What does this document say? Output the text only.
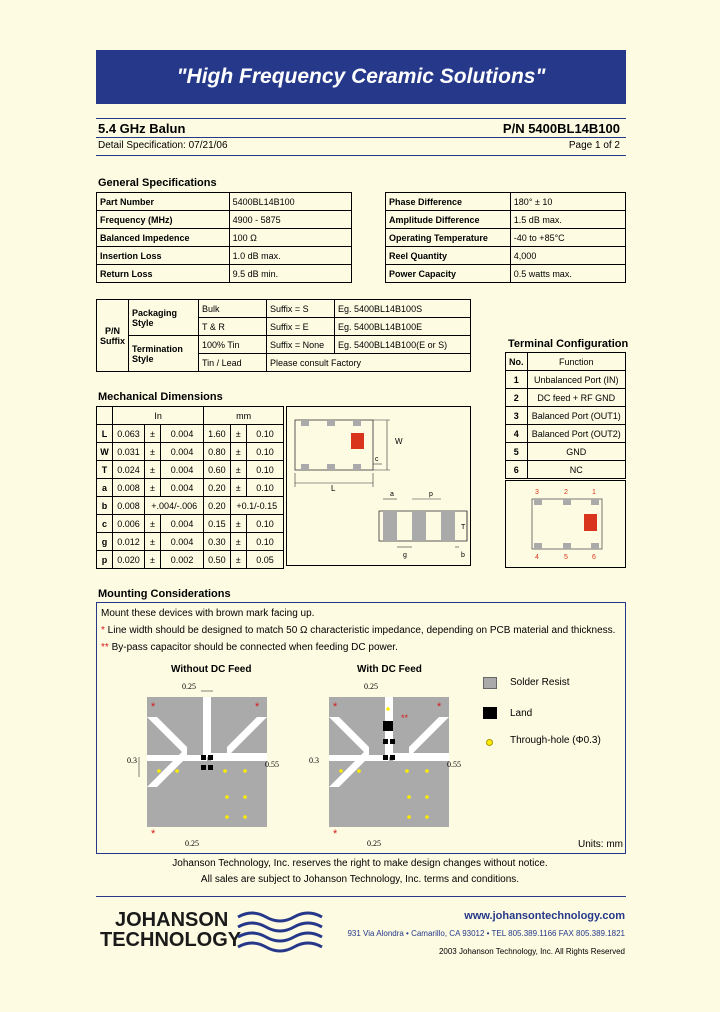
"High Frequency Ceramic Solutions"
5.4 GHz Balun	P/N 5400BL14B100
Detail Specification: 07/21/06	Page 1 of 2
General Specifications
Part Number	5400BL14B100
Frequency (MHz)	4900 - 5875
Balanced Impedence	100 Ω
Insertion Loss	1.0 dB max.
Return Loss	9.5 dB min.
Phase Difference	180° ± 10
Amplitude Difference	1.5 dB max.
Operating Temperature	-40 to +85°C
Reel Quantity	4,000
Power Capacity	0.5 watts max.
P/N Suffix	Packaging Style	Bulk	Suffix = S	Eg. 5400BL14B100S
		T & R	Suffix = E	Eg. 5400BL14B100E
	Termination Style	100% Tin	Suffix = None	Eg. 5400BL14B100(E or S)
		Tin / Lead	Please consult Factory	
Terminal Configuration
No.	Function
1	Unbalanced Port (IN)
2	DC feed + RF GND
3	Balanced Port (OUT1)
4	Balanced Port (OUT2)
5	GND
6	NC
3	2	1
4	5	6
Mechanical Dimensions
	In			mm		
L	0.063	±	0.004	1.60	±	0.10
W	0.031	±	0.004	0.80	±	0.10
T	0.024	±	0.004	0.60	±	0.10
a	0.008	±	0.004	0.20	±	0.10
b	0.008	+.004/-.006		0.20	+0.1/-0.15	
c	0.006	±	0.004	0.15	±	0.10
g	0.012	±	0.004	0.30	±	0.10
p	0.020	±	0.002	0.50	±	0.05
W
c
L
a	p
T
g	b
Mounting Considerations
Mount these devices with brown mark facing up.
* Line width should be designed to match 50 Ω characteristic impedance, depending on PCB material and thickness.
** By-pass capacitor should be connected when feeding DC power.
Without DC Feed	With DC Feed
*	*
*
0.25
0.3	0.55
0.25
*	*
**
*
0.25
0.3	0.55
0.25
Solder Resist
Land
Through-hole (Φ0.3)
Units: mm
Johanson Technology, Inc. reserves the right to make design changes without notice.
All sales are subject to Johanson Technology, Inc. terms and conditions.
JOHANSON
TECHNOLOGY
www.johansontechnology.com
931 Via Alondra • Camarillo, CA 93012 • TEL 805.389.1166 FAX 805.389.1821
2003 Johanson Technology, Inc. All Rights Reserved
